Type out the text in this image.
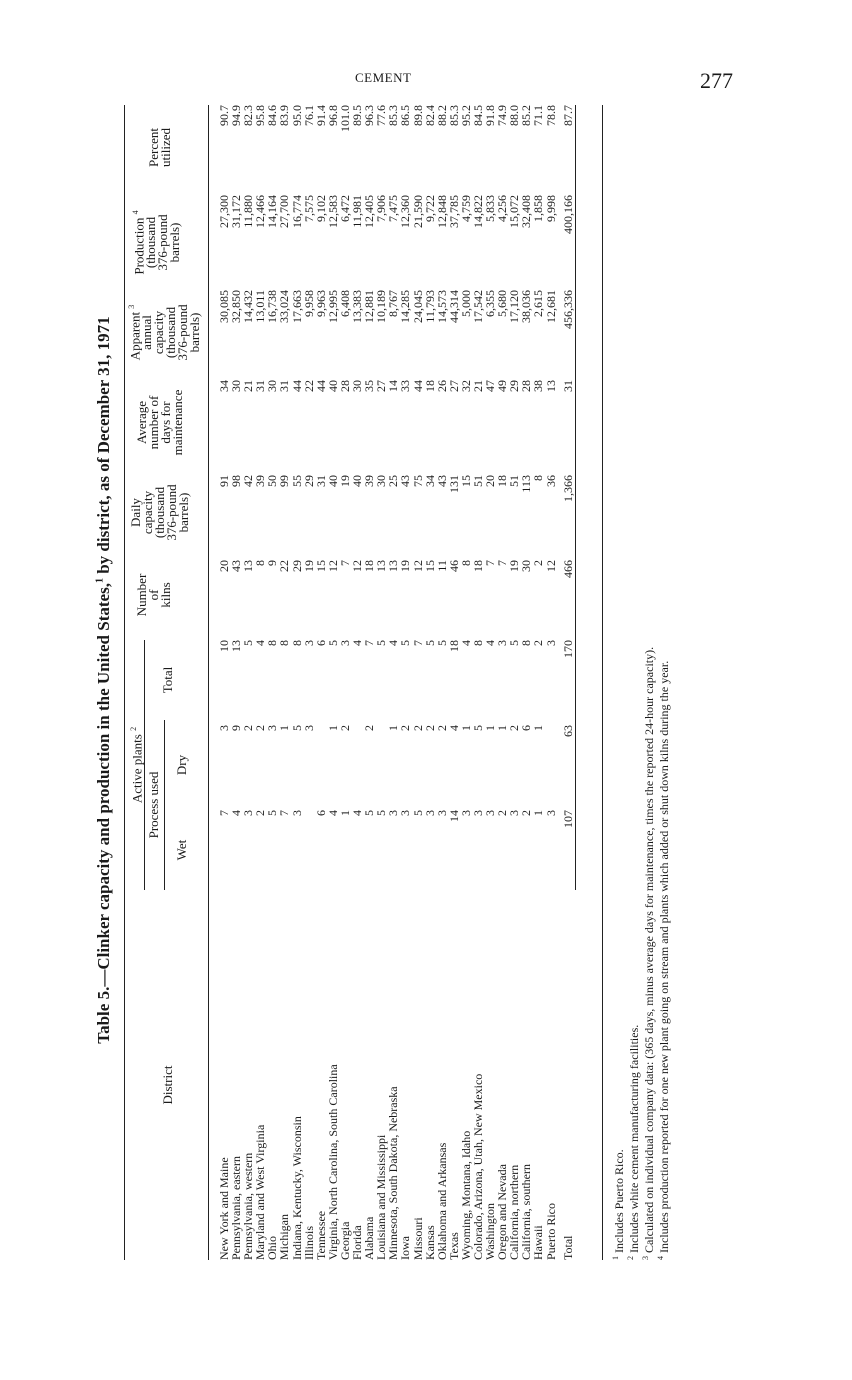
CEMENT	277
Table 5.—Clinker capacity and production in the United States,$^1$ by district, as of December 31, 1971
District
Active plants $^2$
Process used
Wet
Dry
Total
Number
of
kilns
Daily
capacity
(thousand
376-pound
barrels)
Average
number of
days for
maintenance
Apparent $^3$
annual
capacity
(thousand
376-pound
barrels)
Production $^4$
(thousand
376-pound
barrels)
Percent
utilized
New York and Maine	7	3	10	20	91	34	30,085	27,300	90.7
Pennsylvania, eastern	4	9	13	43	98	30	32,850	31,172	94.9
Pennsylvania, western	3	2	5	13	42	21	14,432	11,880	82.3
Maryland and West Virginia	2	2	4	8	39	31	13,011	12,466	95.8
Ohio	5	3	8	9	50	30	16,738	14,164	84.6
Michigan	7	1	8	22	99	31	33,024	27,700	83.9
Indiana, Kentucky, Wisconsin	3	5	8	29	55	44	17,663	16,774	95.0
Illinois		3	3	19	29	22	9,958	7,575	76.1
Tennessee	6		6	15	31	44	9,963	9,102	91.4
Virginia, North Carolina, South Carolina	4	1	5	12	40	40	12,995	12,583	96.8
Georgia	1	2	3	7	19	28	6,408	6,472	101.0
Florida	4		4	12	40	30	13,383	11,981	89.5
Alabama	5	2	7	18	39	35	12,881	12,405	96.3
Louisiana and Mississippi	5		5	13	30	27	10,189	7,906	77.6
Minnesota, South Dakota, Nebraska	3	1	4	13	25	14	8,767	7,475	85.3
Iowa	3	2	5	19	43	33	14,285	12,360	86.5
Missouri	5	2	7	12	75	44	24,045	21,590	89.8
Kansas	3	2	5	15	34	18	11,793	9,722	82.4
Oklahoma and Arkansas	3	2	5	11	43	26	14,573	12,848	88.2
Texas	14	4	18	46	131	27	44,314	37,785	85.3
Wyoming, Montana, Idaho	3	1	4	8	15	32	5,000	4,759	95.2
Colorado, Arizona, Utah, New Mexico	3	5	8	18	51	21	17,542	14,822	84.5
Washington	3	1	4	7	20	47	6,355	5,833	91.8
Oregon and Nevada	2	1	3	7	18	49	5,680	4,256	74.9
California, northern	3	2	5	19	51	29	17,120	15,072	88.0
California, southern	2	6	8	30	113	28	38,036	32,408	85.2
Hawaii	1	1	2	2	8	38	2,615	1,858	71.1
Puerto Rico	3		3	12	36	13	12,681	9,998	78.8
Total	107	63	170	466	1,366	31	456,336	400,166	87.7
$^1$ Includes Puerto Rico.
$^2$ Includes white cement manufacturing facilities.
$^3$ Calculated on individual company data: (365 days, minus average days for maintenance, times the reported 24-hour capacity).
$^4$ Includes production reported for one new plant going on stream and plants which added or shut down kilns during the year.
